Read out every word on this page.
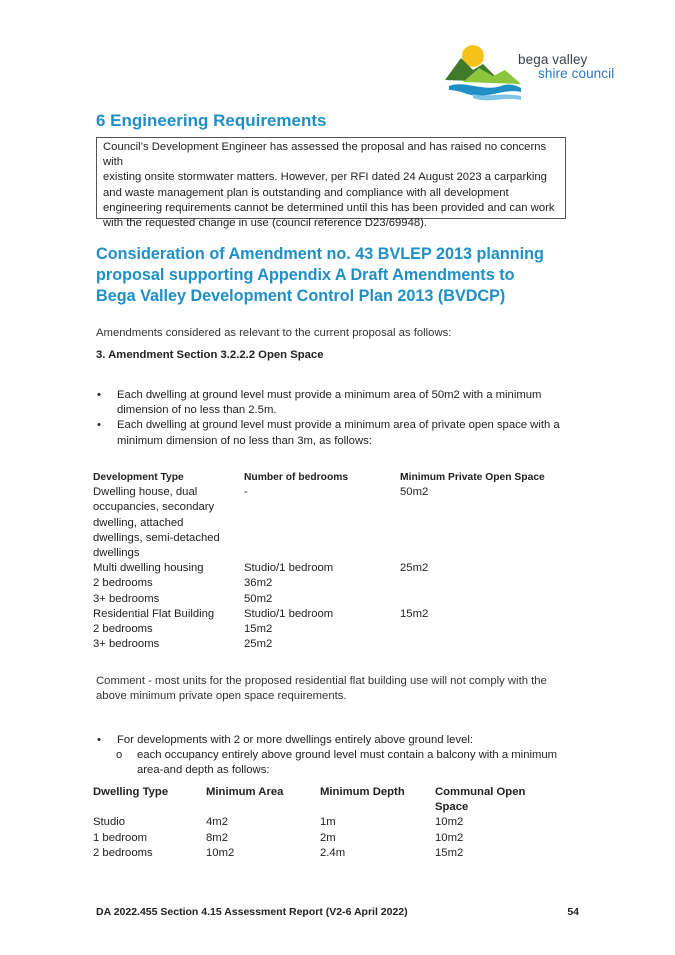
bega valley
shire council
6 Engineering Requirements
Council’s Development Engineer has assessed the proposal and has raised no concerns with
existing onsite stormwater matters. However, per RFI dated 24 August 2023 a carparking
and waste management plan is outstanding and compliance with all development
engineering requirements cannot be determined until this has been provided and can work
with the requested change in use (council reference D23/69948).
Consideration of Amendment no. 43 BVLEP 2013 planning
proposal supporting Appendix A Draft Amendments to
Bega Valley Development Control Plan 2013 (BVDCP)
Amendments considered as relevant to the current proposal as follows:
3. Amendment Section 3.2.2.2 Open Space
• Each dwelling at ground level must provide a minimum area of 50m2 with a minimum
dimension of no less than 2.5m.
• Each dwelling at ground level must provide a minimum area of private open space with a
minimum dimension of no less than 3m, as follows:
Development Type	Number of bedrooms	Minimum Private Open Space
Dwelling house, dual	-	50m2
occupancies, secondary		
dwelling, attached		
dwellings, semi-detached		
dwellings		
Multi dwelling housing	Studio/1 bedroom	25m2
2 bedrooms	36m2	
3+ bedrooms	50m2	
Residential Flat Building	Studio/1 bedroom	15m2
2 bedrooms	15m2	
3+ bedrooms	25m2	
Comment - most units for the proposed residential flat building use will not comply with the
above minimum private open space requirements.
• For developments with 2 or more dwellings entirely above ground level:
o each occupancy entirely above ground level must contain a balcony with a minimum
area-and depth as follows:
Dwelling Type	Minimum Area	Minimum Depth	Communal Open Space
Studio	4m2	1m	10m2
1 bedroom	8m2	2m	10m2
2 bedrooms	10m2	2.4m	15m2
DA 2022.455 Section 4.15 Assessment Report (V2-6 April 2022)	54
